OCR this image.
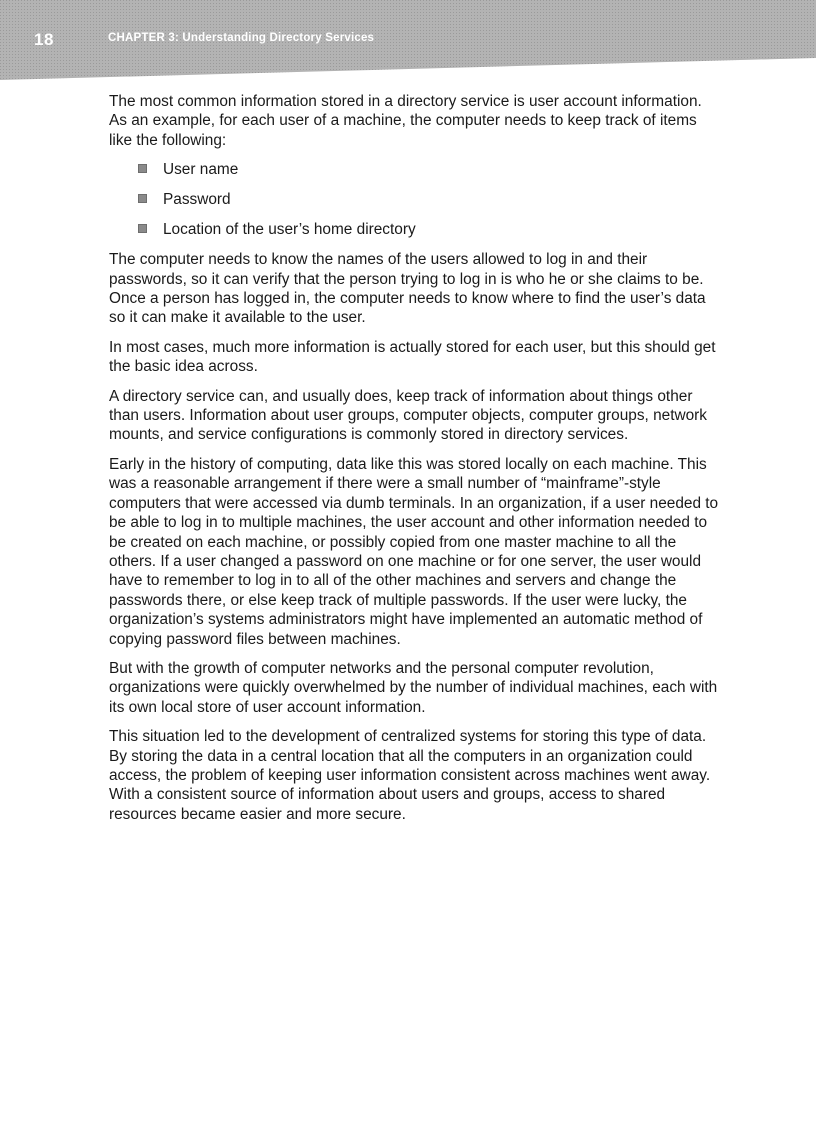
18	CHAPTER 3: Understanding Directory Services

The most common information stored in a directory service is user account information. As an example, for each user of a machine, the computer needs to keep track of items like the following:

User name
Password
Location of the user’s home directory

The computer needs to know the names of the users allowed to log in and their passwords, so it can verify that the person trying to log in is who he or she claims to be. Once a person has logged in, the computer needs to know where to find the user’s data so it can make it available to the user.

In most cases, much more information is actually stored for each user, but this should get the basic idea across.

A directory service can, and usually does, keep track of information about things other than users. Information about user groups, computer objects, computer groups, network mounts, and service configurations is commonly stored in directory services.

Early in the history of computing, data like this was stored locally on each machine. This was a reasonable arrangement if there were a small number of “mainframe”-style computers that were accessed via dumb terminals. In an organization, if a user needed to be able to log in to multiple machines, the user account and other information needed to be created on each machine, or possibly copied from one master machine to all the others. If a user changed a password on one machine or for one server, the user would have to remember to log in to all of the other machines and servers and change the passwords there, or else keep track of multiple passwords. If the user were lucky, the organization’s systems administrators might have implemented an automatic method of copying password files between machines.

But with the growth of computer networks and the personal computer revolution, organizations were quickly overwhelmed by the number of individual machines, each with its own local store of user account information.

This situation led to the development of centralized systems for storing this type of data. By storing the data in a central location that all the computers in an organization could access, the problem of keeping user information consistent across machines went away. With a consistent source of information about users and groups, access to shared resources became easier and more secure.
